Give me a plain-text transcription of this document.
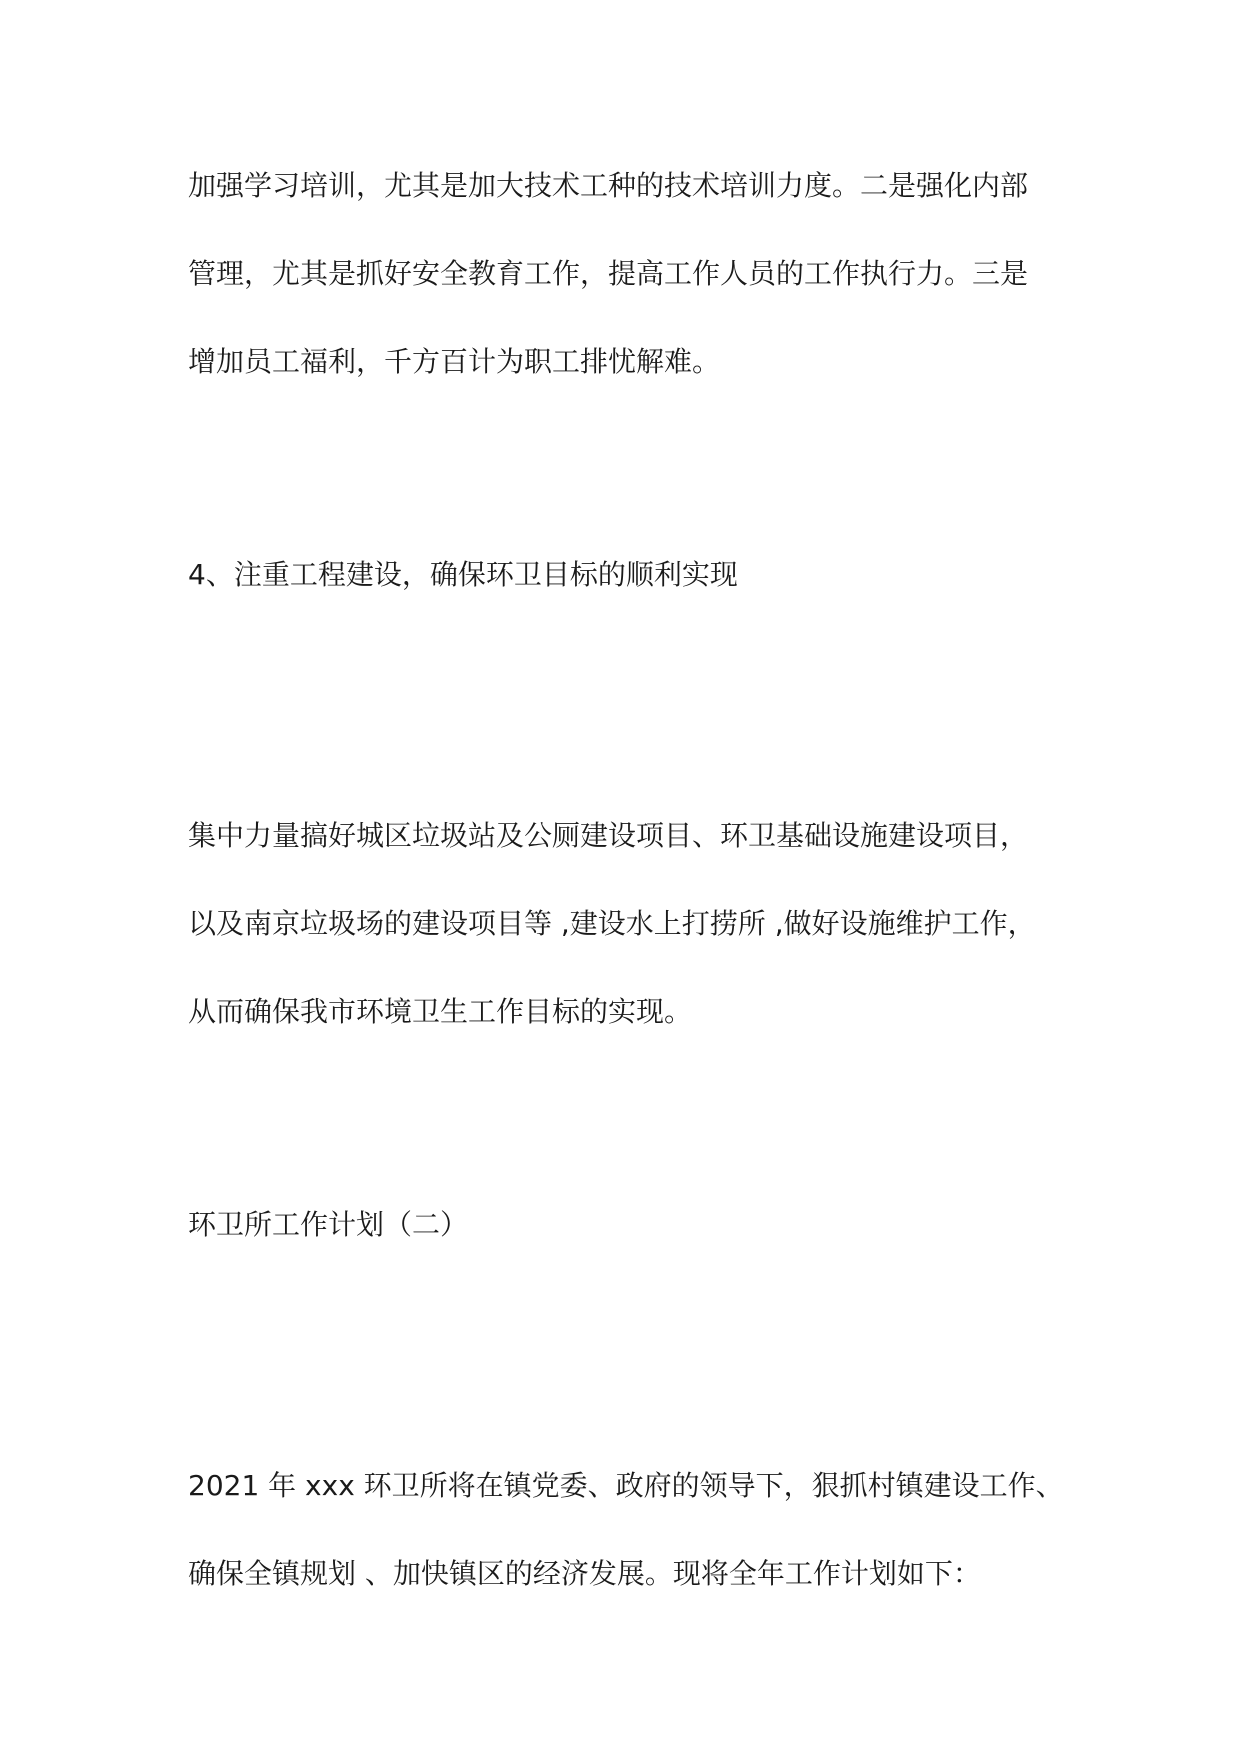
加强学习培训，尤其是加大技术工种的技术培训力度。二是强化内部
管理，尤其是抓好安全教育工作，提高工作人员的工作执行力。三是
增加员工福利，千方百计为职工排忧解难。
4、注重工程建设，确保环卫目标的顺利实现
集中力量搞好城区垃圾站及公厕建设项目、环卫基础设施建设项目，
以及南京垃圾场的建设项目等 ,建设水上打捞所 ,做好设施维护工作，
从而确保我市环境卫生工作目标的实现。
环卫所工作计划（二）
2021 年 xxx 环卫所将在镇党委、政府的领导下，狠抓村镇建设工作、
确保全镇规划 、加快镇区的经济发展。现将全年工作计划如下：
